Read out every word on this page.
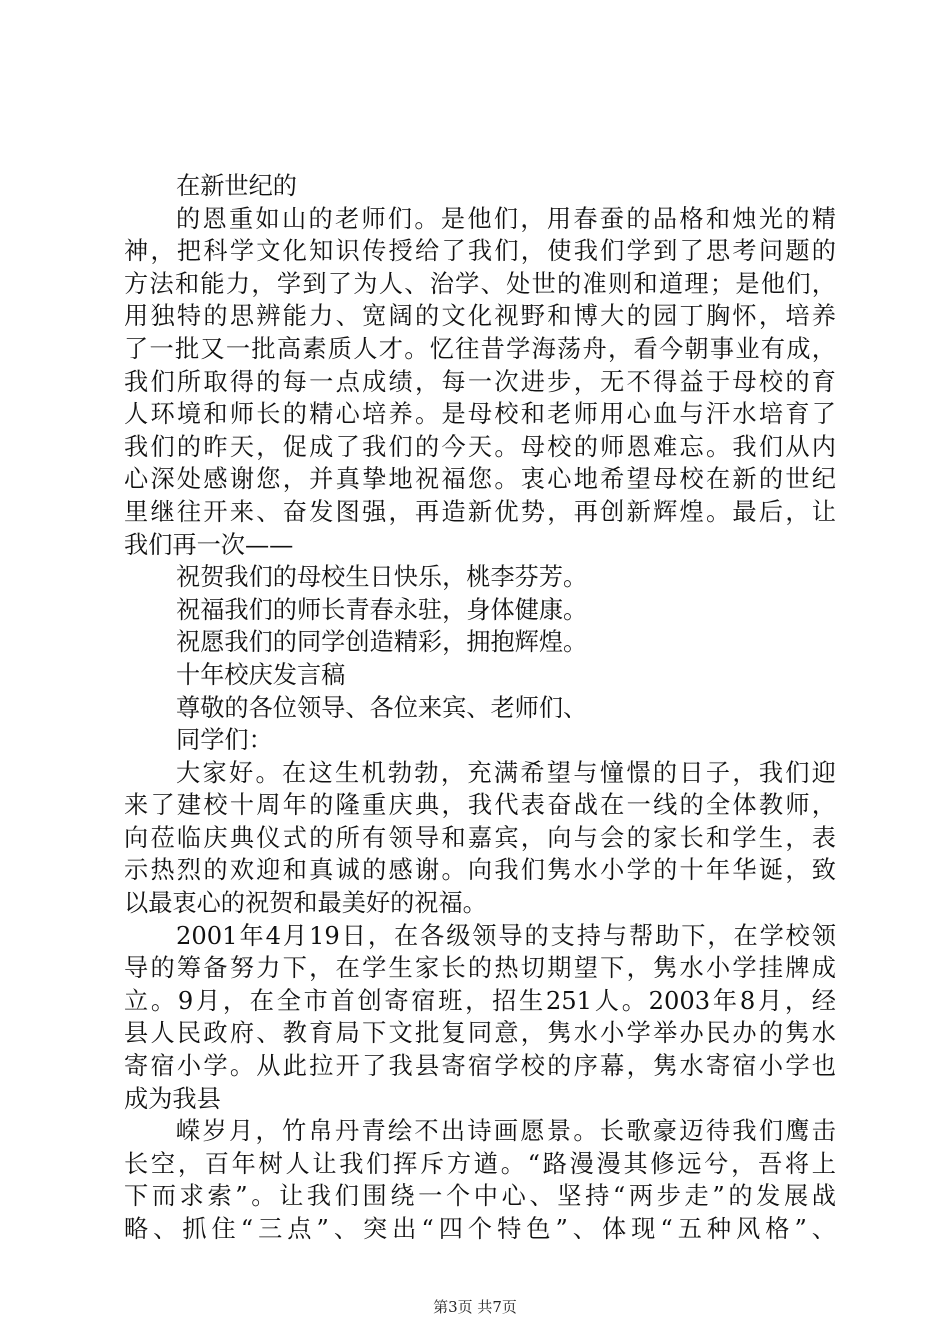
在新世纪的
的恩重如山的老师们。是他们，用春蚕的品格和烛光的精
神，把科学文化知识传授给了我们，使我们学到了思考问题的
方法和能力，学到了为人、治学、处世的准则和道理；是他们，
用独特的思辨能力、宽阔的文化视野和博大的园丁胸怀，培养
了一批又一批高素质人才。忆往昔学海荡舟，看今朝事业有成，
我们所取得的每一点成绩，每一次进步，无不得益于母校的育
人环境和师长的精心培养。是母校和老师用心血与汗水培育了
我们的昨天，促成了我们的今天。母校的师恩难忘。我们从内
心深处感谢您，并真挚地祝福您。衷心地希望母校在新的世纪
里继往开来、奋发图强，再造新优势，再创新辉煌。最后，让
我们再一次——
祝贺我们的母校生日快乐，桃李芬芳。
祝福我们的师长青春永驻，身体健康。
祝愿我们的同学创造精彩，拥抱辉煌。
十年校庆发言稿
尊敬的各位领导、各位来宾、老师们、
同学们：
大家好。在这生机勃勃，充满希望与憧憬的日子，我们迎
来了建校十周年的隆重庆典，我代表奋战在一线的全体教师，
向莅临庆典仪式的所有领导和嘉宾，向与会的家长和学生，表
示热烈的欢迎和真诚的感谢。向我们隽水小学的十年华诞，致
以最衷心的祝贺和最美好的祝福。
2001年4月19日，在各级领导的支持与帮助下，在学校领
导的筹备努力下，在学生家长的热切期望下，隽水小学挂牌成
立。9月，在全市首创寄宿班，招生251人。2003年8月，经
县人民政府、教育局下文批复同意，隽水小学举办民办的隽水
寄宿小学。从此拉开了我县寄宿学校的序幕，隽水寄宿小学也
成为我县
嵘岁月，竹帛丹青绘不出诗画愿景。长歌豪迈待我们鹰击
长空，百年树人让我们挥斥方遒。“路漫漫其修远兮，吾将上
下而求索”。让我们围绕一个中心、坚持“两步走”的发展战
略、抓住“三点”、突出“四个特色”、体现“五种风格”、
第3页 共7页
